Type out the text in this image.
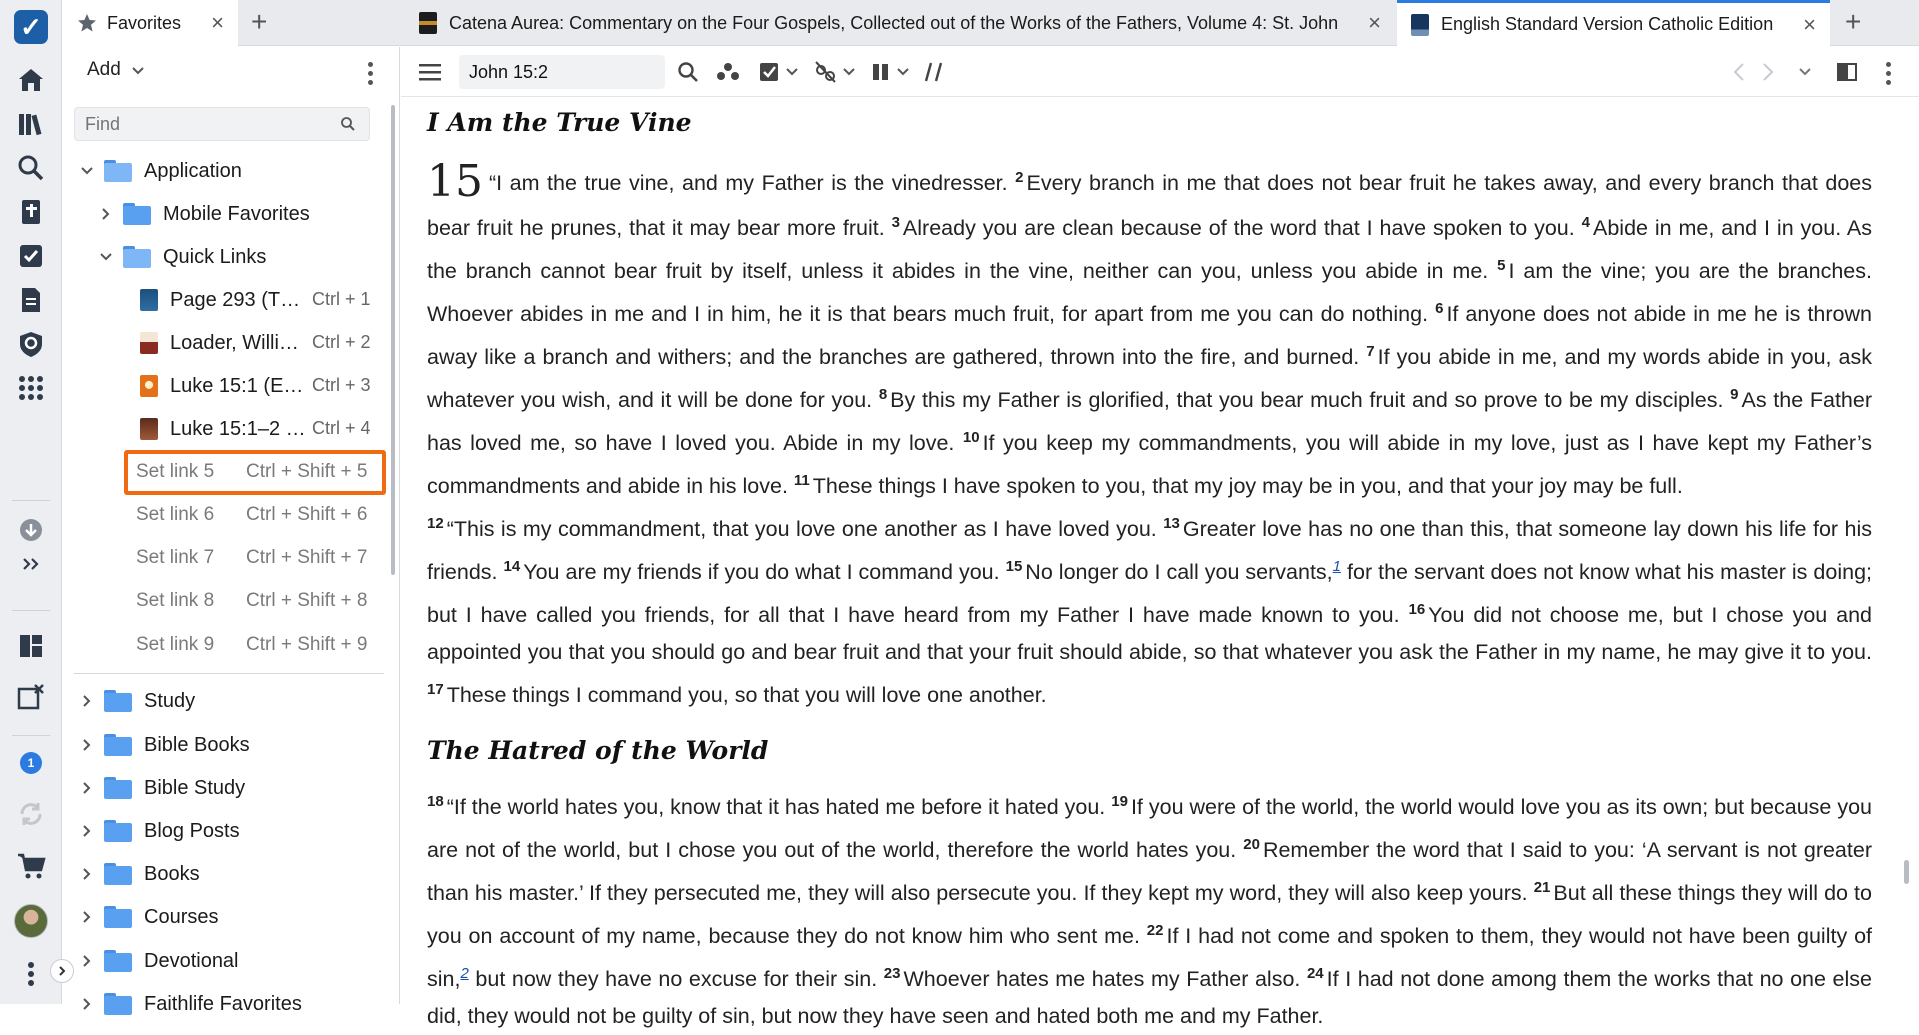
✓
1
Favorites	× +	Catena Aurea: Commentary on the Four Gospels, Collected out of the Works of the Fathers, Volume 4: St. John	×	English Standard Version Catholic Edition	×	+
Add
Find
Application
Mobile Favorites
Quick Links
Page 293 (T… Ctrl + 1
Loader, Willi… Ctrl + 2
Luke 15:1 (E… Ctrl + 3
Luke 15:1–2 … Ctrl + 4
Set link 5 Ctrl + Shift + 5
Set link 6 Ctrl + Shift + 6
Set link 7 Ctrl + Shift + 7
Set link 8 Ctrl + Shift + 8
Set link 9 Ctrl + Shift + 9
Study
Bible Books
Bible Study
Blog Posts
Books
Courses
Devotional
Faithlife Favorites
John 15:2
I Am the True Vine

15 “I am the true vine, and my Father is the vinedresser. $^2$ Every branch in me that does not bear fruit he takes away, and every branch that does bear fruit he prunes, that it may bear more fruit. $^3$ Already you are clean because of the word that I have spoken to you. $^4$ Abide in me, and I in you. As the branch cannot bear fruit by itself, unless it abides in the vine, neither can you, unless you abide in me. $^5$ I am the vine; you are the branches. Whoever abides in me and I in him, he it is that bears much fruit, for apart from me you can do nothing. $^6$ If anyone does not abide in me he is thrown away like a branch and withers; and the branches are gathered, thrown into the fire, and burned. $^7$ If you abide in me, and my words abide in you, ask whatever you wish, and it will be done for you. $^8$ By this my Father is glorified, that you bear much fruit and so prove to be my disciples. $^9$ As the Father has loved me, so have I loved you. Abide in my love. $^{10}$ If you keep my commandments, you will abide in my love, just as I have kept my Father’s commandments and abide in his love. $^{11}$ These things I have spoken to you, that my joy may be in you, and that your joy may be full.

$^{12}$ “This is my commandment, that you love one another as I have loved you. $^{13}$ Greater love has no one than this, that someone lay down his life for his friends. $^{14}$ You are my friends if you do what I command you. $^{15}$ No longer do I call you servants,$^1$ for the servant does not know what his master is doing; but I have called you friends, for all that I have heard from my Father I have made known to you. $^{16}$ You did not choose me, but I chose you and appointed you that you should go and bear fruit and that your fruit should abide, so that whatever you ask the Father in my name, he may give it to you. $^{17}$ These things I command you, so that you will love one another.

The Hatred of the World

$^{18}$ “If the world hates you, know that it has hated me before it hated you. $^{19}$ If you were of the world, the world would love you as its own; but because you are not of the world, but I chose you out of the world, therefore the world hates you. $^{20}$ Remember the word that I said to you: ‘A servant is not greater than his master.’ If they persecuted me, they will also persecute you. If they kept my word, they will also keep yours. $^{21}$ But all these things they will do to you on account of my name, because they do not know him who sent me. $^{22}$ If I had not come and spoken to them, they would not have been guilty of sin,$^2$ but now they have no excuse for their sin. $^{23}$ Whoever hates me hates my Father also. $^{24}$ If I had not done among them the works that no one else did, they would not be guilty of sin, but now they have seen and hated both me and my Father.
